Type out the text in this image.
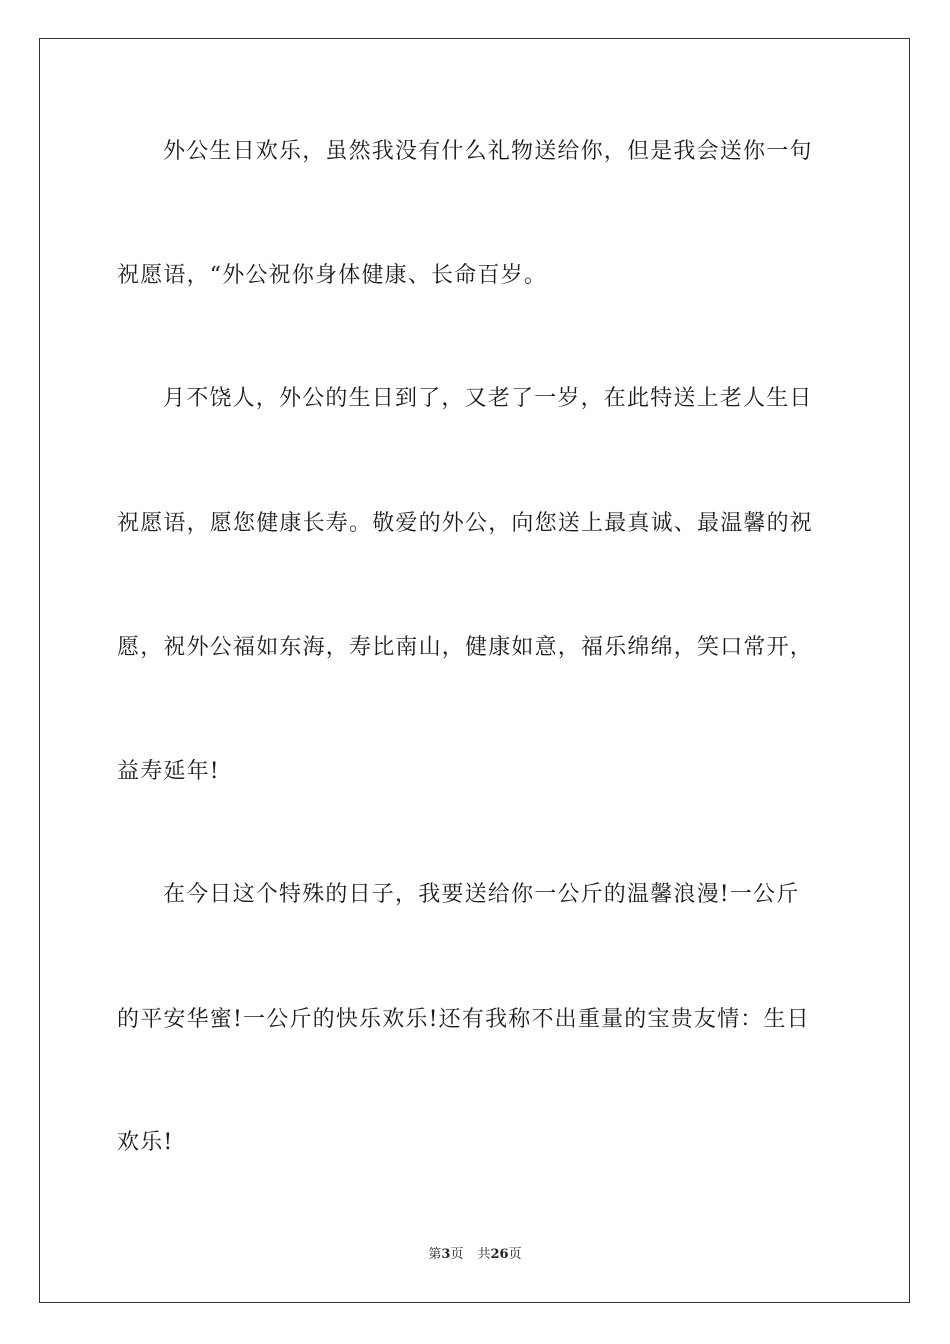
外公生日欢乐，虽然我没有什么礼物送给你，但是我会送你一句
祝愿语，“外公祝你身体健康、长命百岁。
月不饶人，外公的生日到了，又老了一岁，在此特送上老人生日
祝愿语，愿您健康长寿。敬爱的外公，向您送上最真诚、最温馨的祝
愿，祝外公福如东海，寿比南山，健康如意，福乐绵绵，笑口常开，
益寿延年!
在今日这个特殊的日子，我要送给你一公斤的温馨浪漫!一公斤
的平安华蜜!一公斤的快乐欢乐!还有我称不出重量的宝贵友情：生日
欢乐!
第3页 共26页
